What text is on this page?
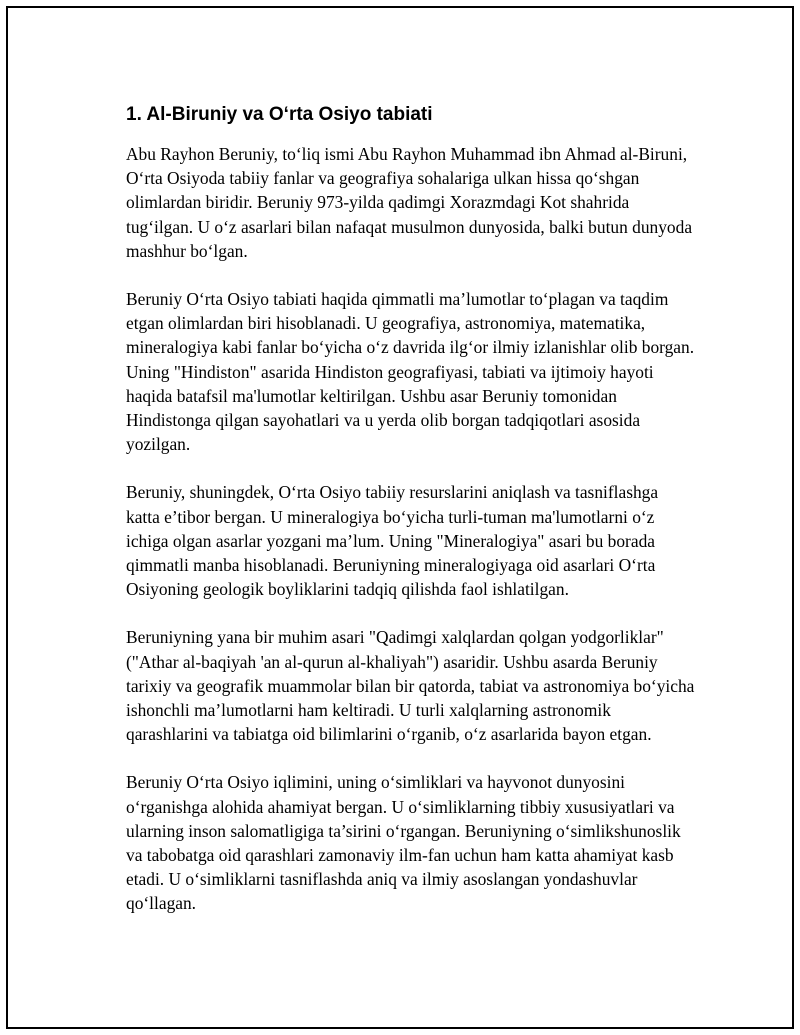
1. Al-Biruniy va O‘rta Osiyo tabiati

Abu Rayhon Beruniy, to‘liq ismi Abu Rayhon Muhammad ibn Ahmad al-Biruni, O‘rta Osiyoda tabiiy fanlar va geografiya sohalariga ulkan hissa qo‘shgan olimlardan biridir. Beruniy 973-yilda qadimgi Xorazmdagi Kot shahrida tug‘ilgan. U o‘z asarlari bilan nafaqat musulmon dunyosida, balki butun dunyoda mashhur bo‘lgan.

Beruniy O‘rta Osiyo tabiati haqida qimmatli ma’lumotlar to‘plagan va taqdim etgan olimlardan biri hisoblanadi. U geografiya, astronomiya, matematika, mineralogiya kabi fanlar bo‘yicha o‘z davrida ilg‘or ilmiy izlanishlar olib borgan. Uning "Hindiston" asarida Hindiston geografiyasi, tabiati va ijtimoiy hayoti haqida batafsil ma'lumotlar keltirilgan. Ushbu asar Beruniy tomonidan Hindistonga qilgan sayohatlari va u yerda olib borgan tadqiqotlari asosida yozilgan.

Beruniy, shuningdek, O‘rta Osiyo tabiiy resurslarini aniqlash va tasniflashga katta e’tibor bergan. U mineralogiya bo‘yicha turli-tuman ma'lumotlarni o‘z ichiga olgan asarlar yozgani ma’lum. Uning "Mineralogiya" asari bu borada qimmatli manba hisoblanadi. Beruniyning mineralogiyaga oid asarlari O‘rta Osiyoning geologik boyliklarini tadqiq qilishda faol ishlatilgan.

Beruniyning yana bir muhim asari "Qadimgi xalqlardan qolgan yodgorliklar" ("Athar al-baqiyah 'an al-qurun al-khaliyah") asaridir. Ushbu asarda Beruniy tarixiy va geografik muammolar bilan bir qatorda, tabiat va astronomiya bo‘yicha ishonchli ma’lumotlarni ham keltiradi. U turli xalqlarning astronomik qarashlarini va tabiatga oid bilimlarini o‘rganib, o‘z asarlarida bayon etgan.

Beruniy O‘rta Osiyo iqlimini, uning o‘simliklari va hayvonot dunyosini o‘rganishga alohida ahamiyat bergan. U o‘simliklarning tibbiy xususiyatlari va ularning inson salomatligiga ta’sirini o‘rgangan. Beruniyning o‘simlikshunoslik va tabobatga oid qarashlari zamonaviy ilm-fan uchun ham katta ahamiyat kasb etadi. U o‘simliklarni tasniflashda aniq va ilmiy asoslangan yondashuvlar qo‘llagan.
